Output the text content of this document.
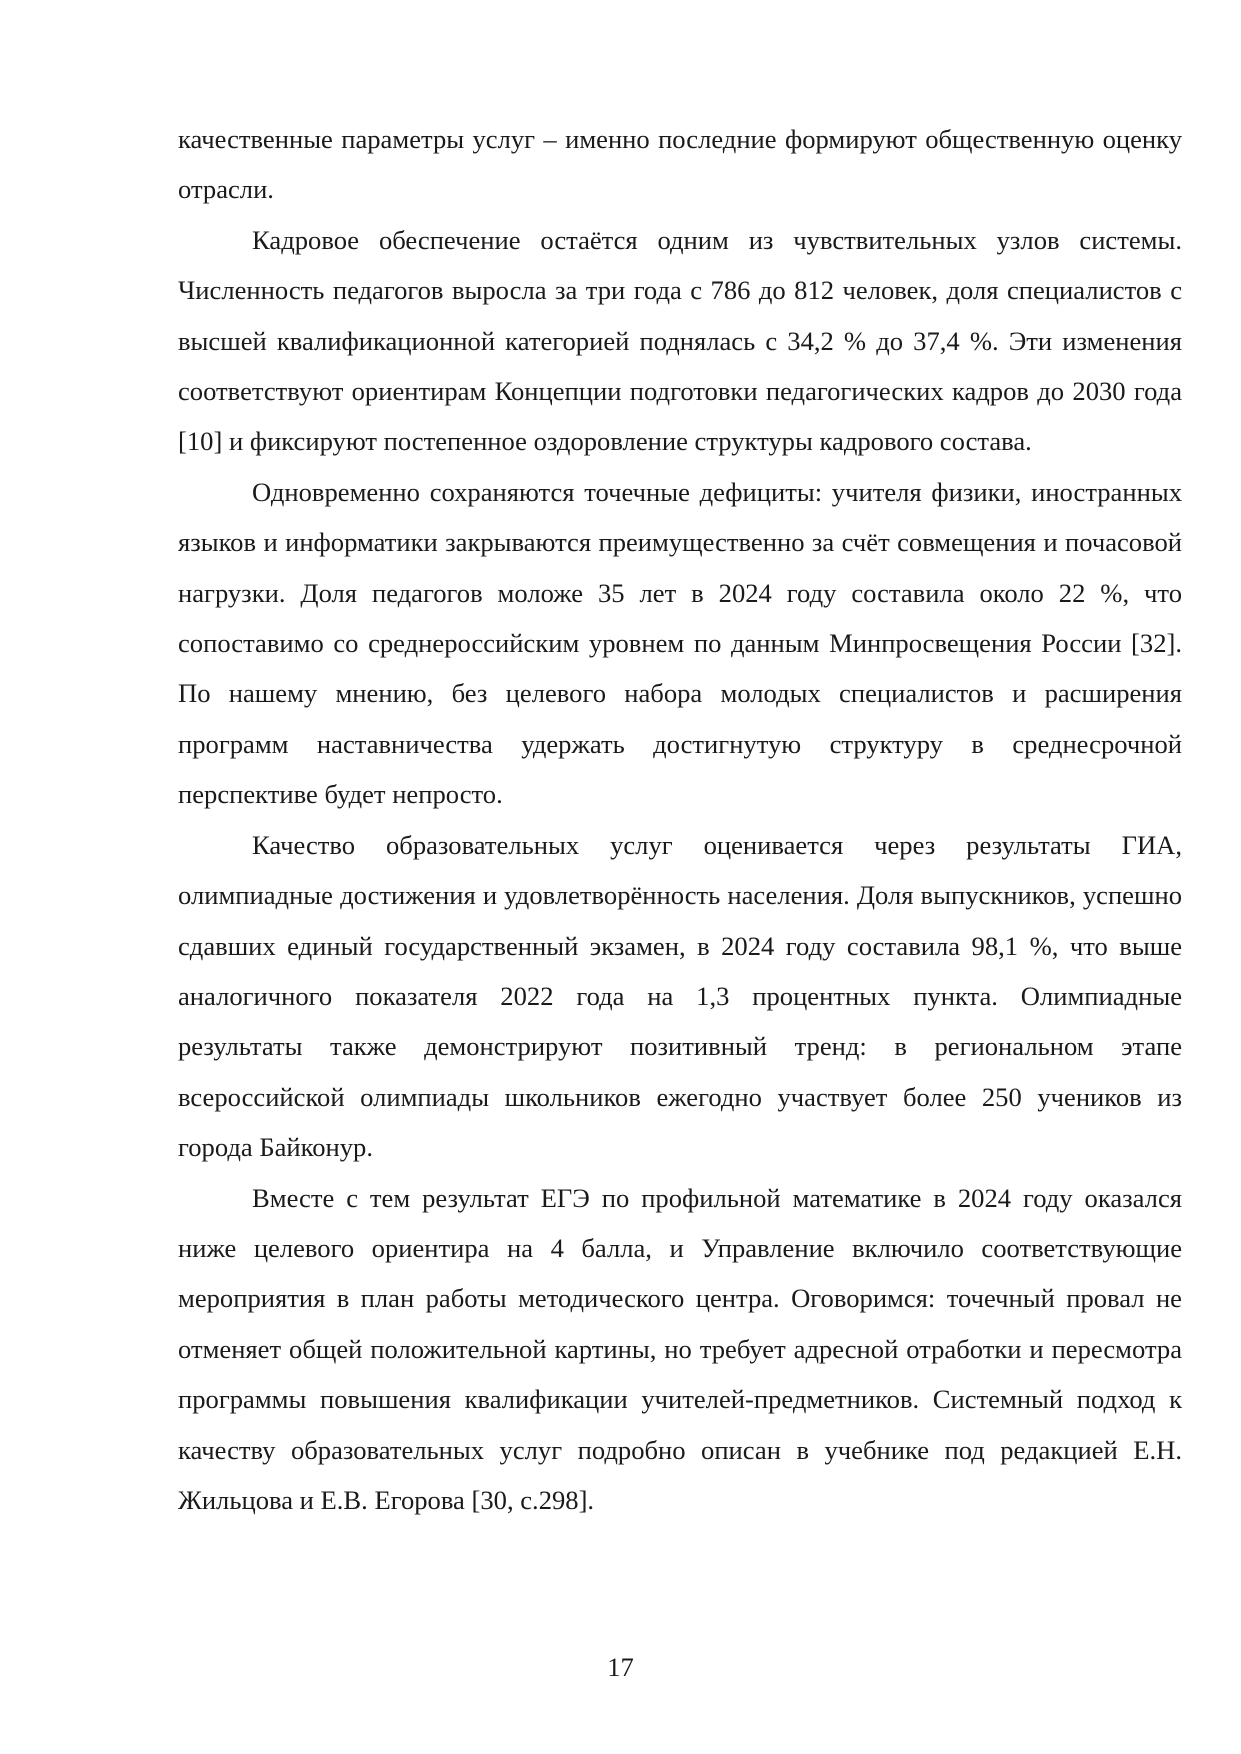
качественные параметры услуг – именно последние формируют общественную оценку отрасли.

Кадровое обеспечение остаётся одним из чувствительных узлов системы. Численность педагогов выросла за три года с 786 до 812 человек, доля специалистов с высшей квалификационной категорией поднялась с 34,2 % до 37,4 %. Эти изменения соответствуют ориентирам Концепции подготовки педагогических кадров до 2030 года [10] и фиксируют постепенное оздоровление структуры кадрового состава.

Одновременно сохраняются точечные дефициты: учителя физики, иностранных языков и информатики закрываются преимущественно за счёт совмещения и почасовой нагрузки. Доля педагогов моложе 35 лет в 2024 году составила около 22 %, что сопоставимо со среднероссийским уровнем по данным Минпросвещения России [32]. По нашему мнению, без целевого набора молодых специалистов и расширения программ наставничества удержать достигнутую структуру в среднесрочной перспективе будет непросто.

Качество образовательных услуг оценивается через результаты ГИА, олимпиадные достижения и удовлетворённость населения. Доля выпускников, успешно сдавших единый государственный экзамен, в 2024 году составила 98,1 %, что выше аналогичного показателя 2022 года на 1,3 процентных пункта. Олимпиадные результаты также демонстрируют позитивный тренд: в региональном этапе всероссийской олимпиады школьников ежегодно участвует более 250 учеников из города Байконур.

Вместе с тем результат ЕГЭ по профильной математике в 2024 году оказался ниже целевого ориентира на 4 балла, и Управление включило соответствующие мероприятия в план работы методического центра. Оговоримся: точечный провал не отменяет общей положительной картины, но требует адресной отработки и пересмотра программы повышения квалификации учителей-предметников. Системный подход к качеству образовательных услуг подробно описан в учебнике под редакцией Е.Н. Жильцова и Е.В. Егорова [30, с.298].

17
